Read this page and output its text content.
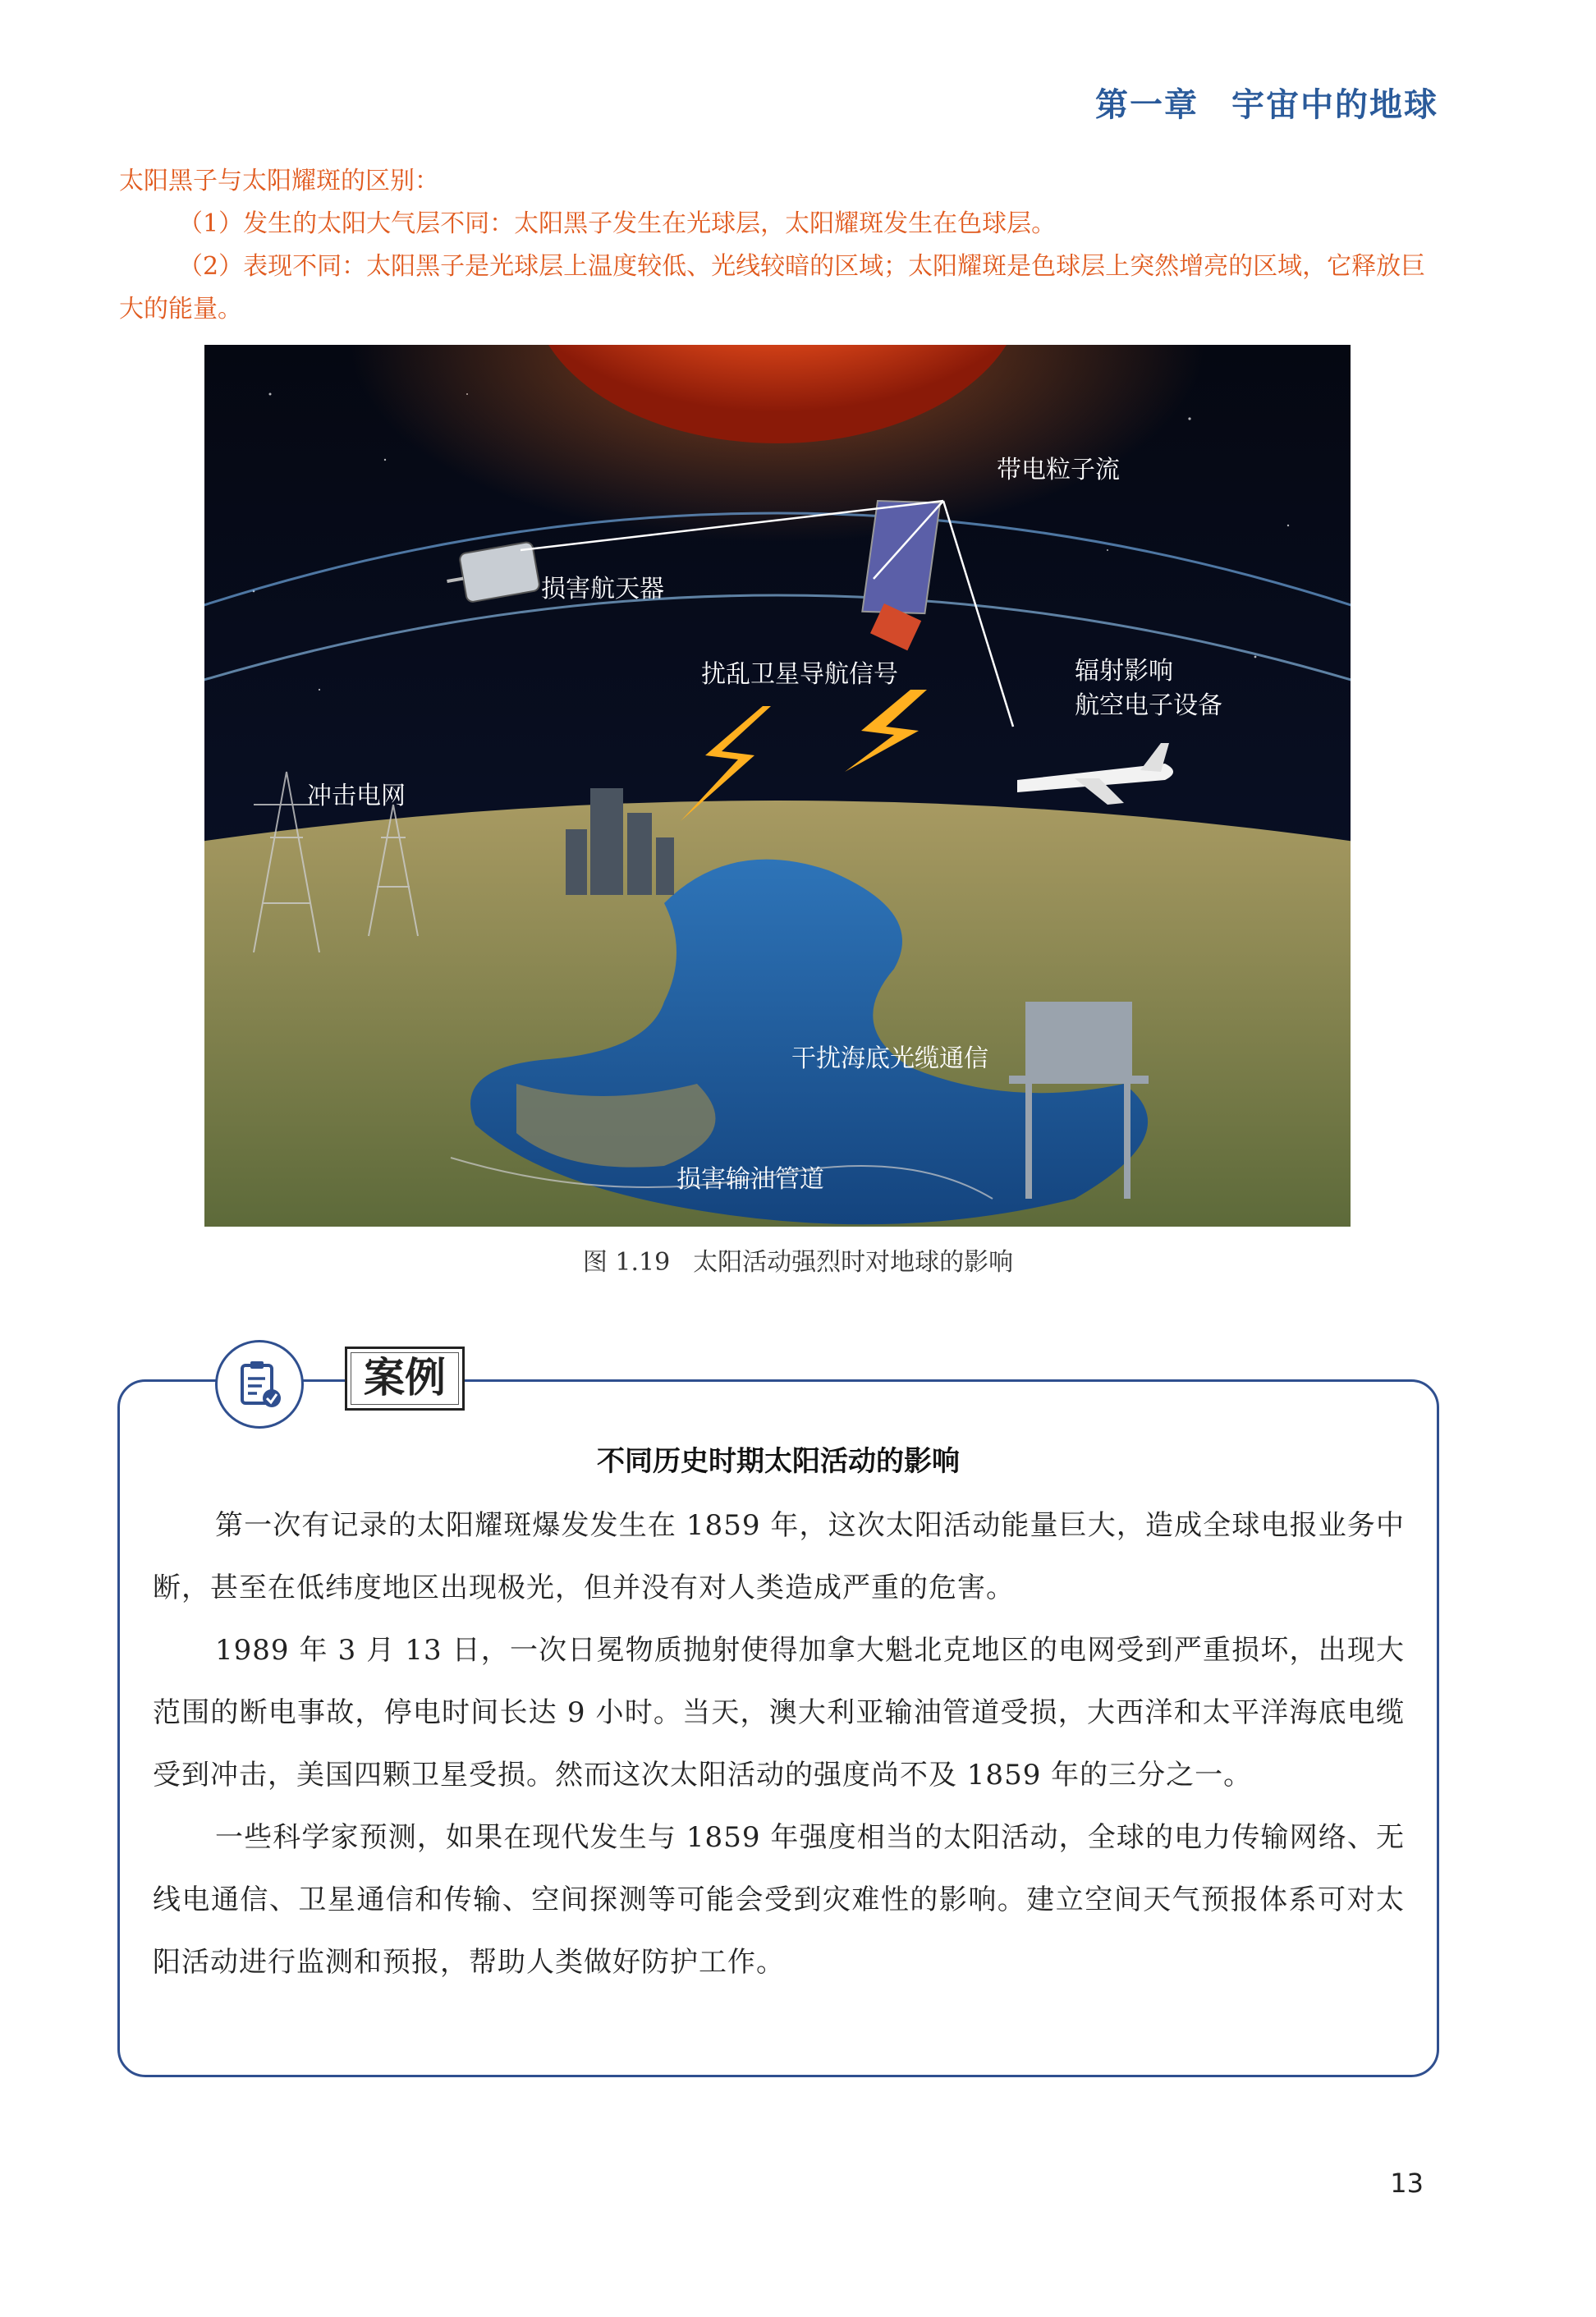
第一章 宇宙中的地球

太阳黑子与太阳耀斑的区别：

（1）发生的太阳大气层不同：太阳黑子发生在光球层，太阳耀斑发生在色球层。

（2）表现不同：太阳黑子是光球层上温度较低、光线较暗的区域；太阳耀斑是色球层上突然增亮的区域，它释放巨大的能量。

带电粒子流
损害航天器
扰乱卫星导航信号	辐射影响
航空电子设备
冲击电网
干扰海底光缆通信
损害输油管道
图 1.19 太阳活动强烈时对地球的影响
案例
不同历史时期太阳活动的影响

第一次有记录的太阳耀斑爆发发生在 1859 年，这次太阳活动能量巨大，造成全球电报业务中断，甚至在低纬度地区出现极光，但并没有对人类造成严重的危害。

1989 年 3 月 13 日，一次日冕物质抛射使得加拿大魁北克地区的电网受到严重损坏，出现大范围的断电事故，停电时间长达 9 小时。当天，澳大利亚输油管道受损，大西洋和太平洋海底电缆受到冲击，美国四颗卫星受损。然而这次太阳活动的强度尚不及 1859 年的三分之一。

一些科学家预测，如果在现代发生与 1859 年强度相当的太阳活动，全球的电力传输网络、无线电通信、卫星通信和传输、空间探测等可能会受到灾难性的影响。建立空间天气预报体系可对太阳活动进行监测和预报，帮助人类做好防护工作。

13
